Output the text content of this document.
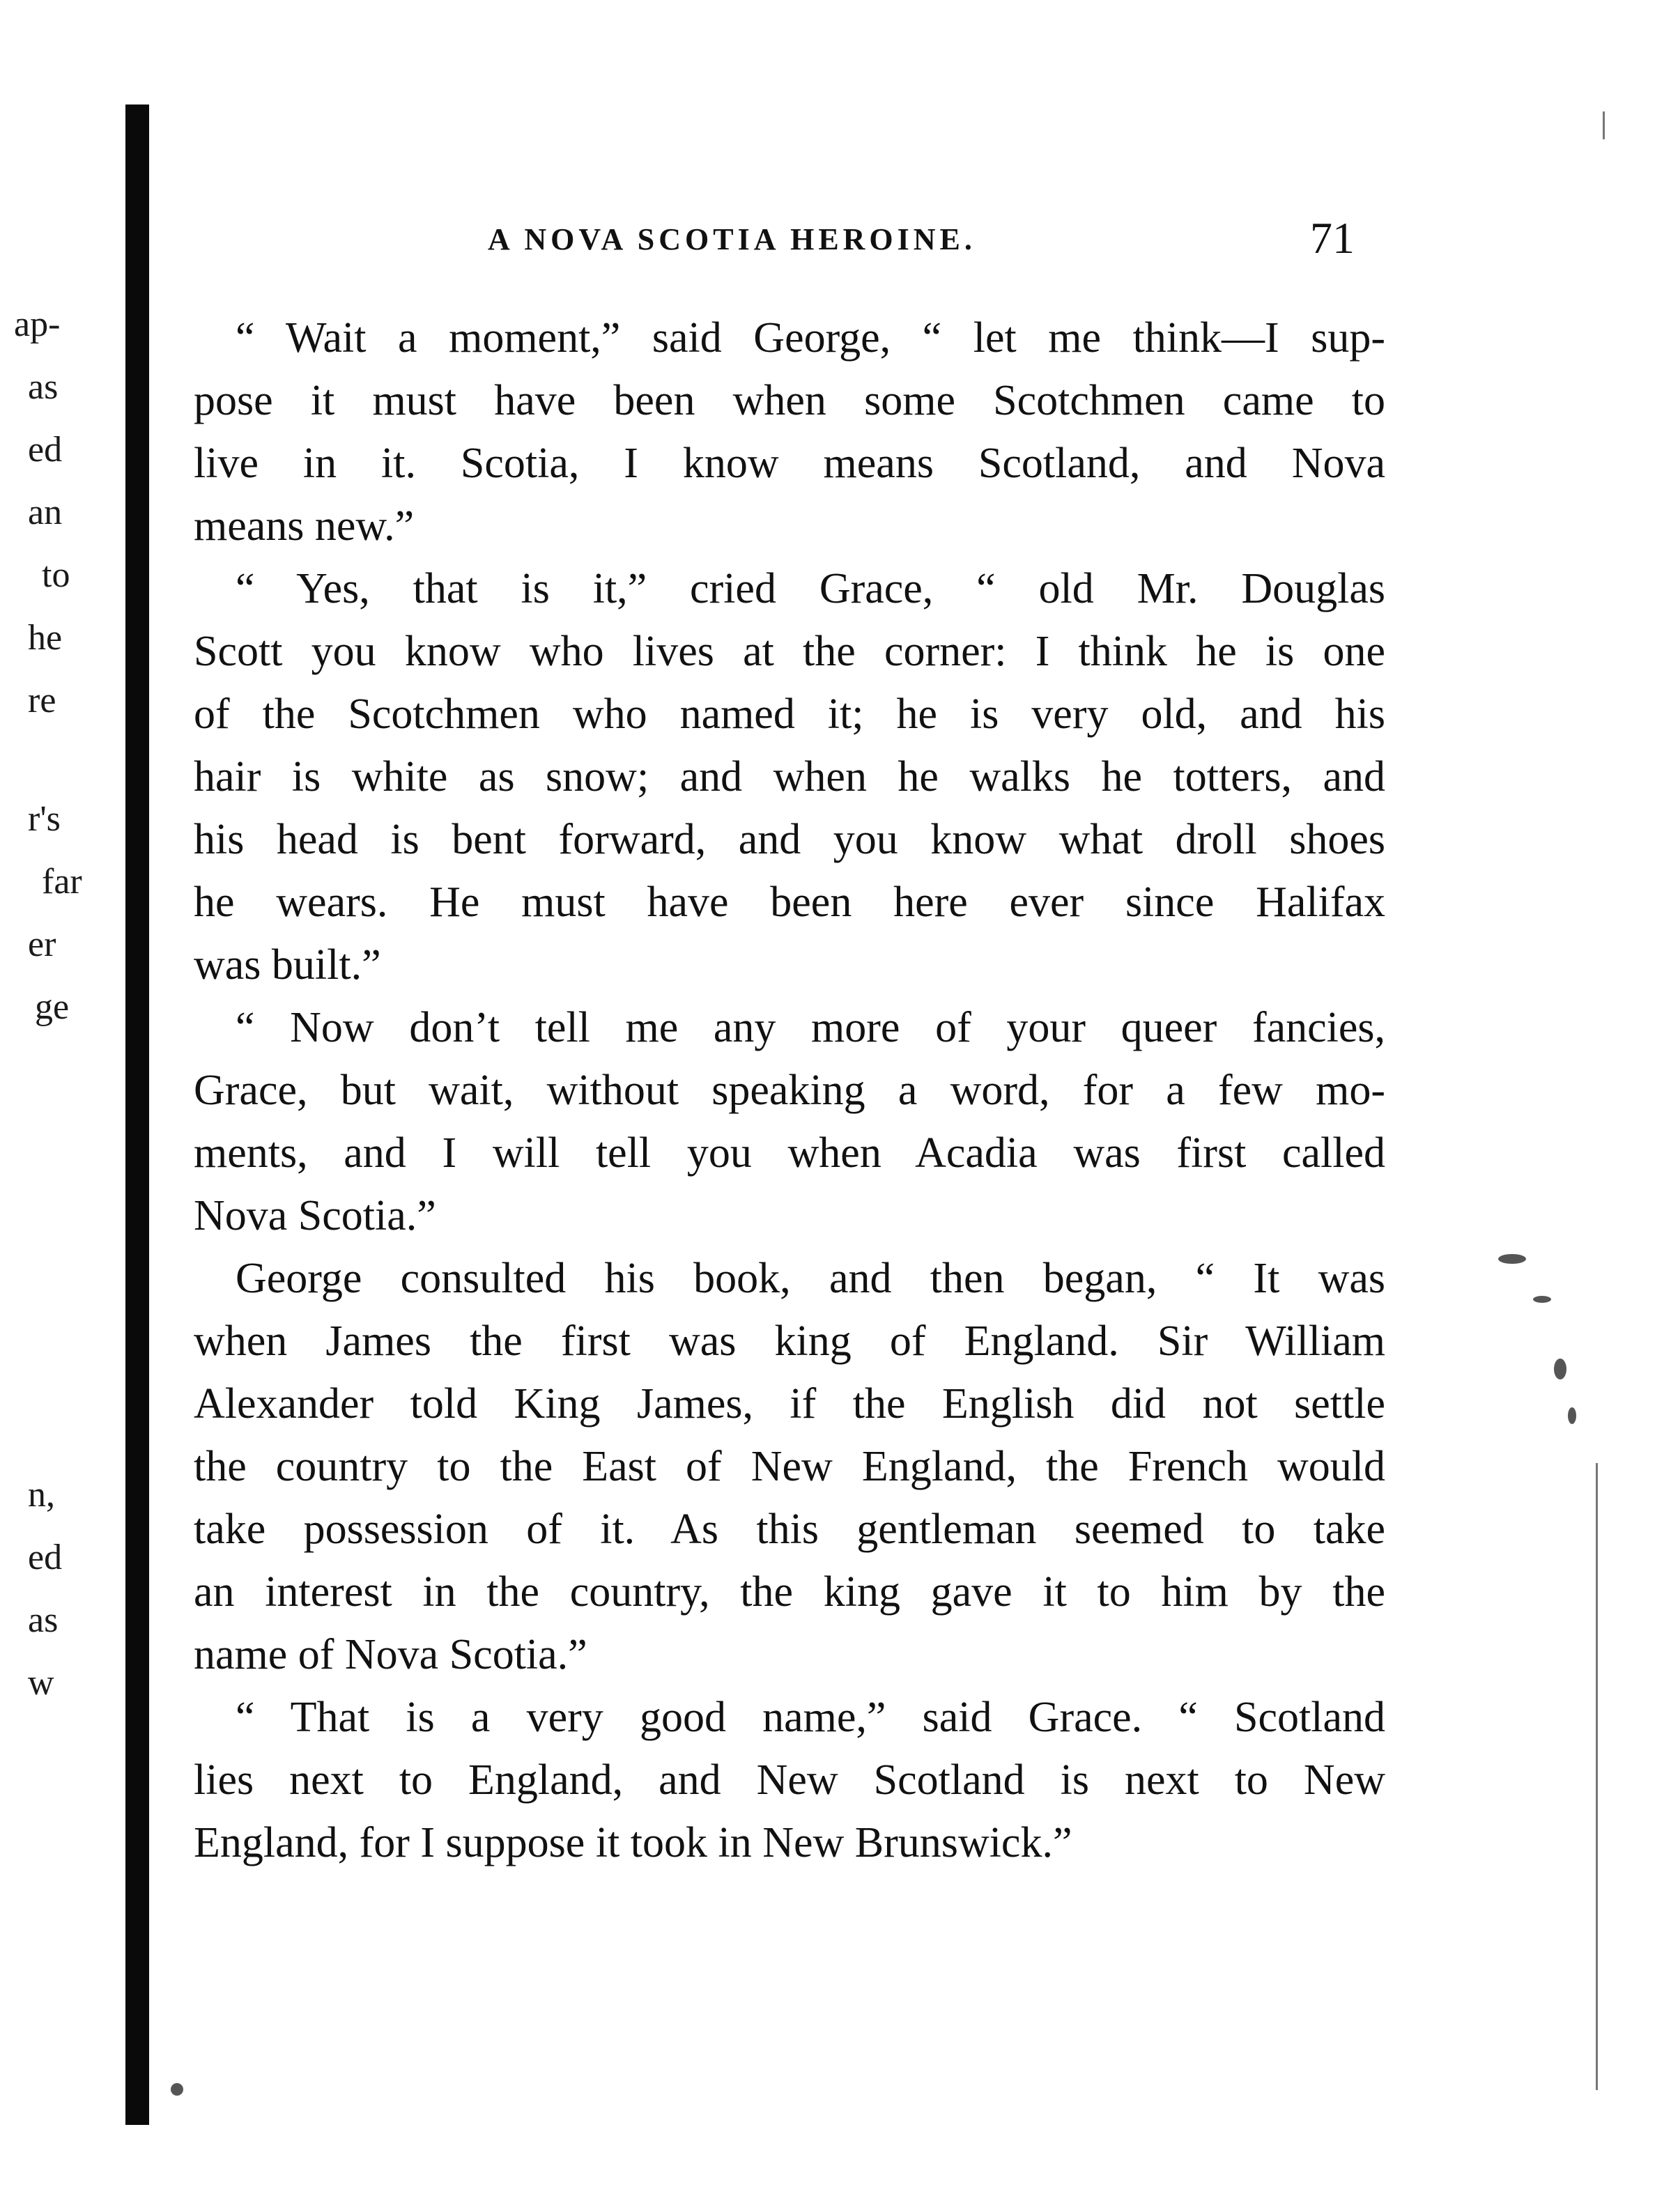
ap-
as
ed
an
to
he
re
r's
far
er
ge
n,
ed
as
w
A NOVA SCOTIA HEROINE.	71
“ Wait a moment,” said George, “ let me think—I sup-
pose it must have been when some Scotchmen came to
live in it. Scotia, I know means Scotland, and Nova
means new.”
“ Yes, that is it,” cried Grace, “ old Mr. Douglas
Scott you know who lives at the corner: I think he is one
of the Scotchmen who named it; he is very old, and his
hair is white as snow; and when he walks he totters, and
his head is bent forward, and you know what droll shoes
he wears. He must have been here ever since Halifax
was built.”
“ Now don’t tell me any more of your queer fancies,
Grace, but wait, without speaking a word, for a few mo-
ments, and I will tell you when Acadia was first called
Nova Scotia.”
George consulted his book, and then began, “ It was
when James the first was king of England. Sir William
Alexander told King James, if the English did not settle
the country to the East of New England, the French would
take possession of it. As this gentleman seemed to take
an interest in the country, the king gave it to him by the
name of Nova Scotia.”
“ That is a very good name,” said Grace. “ Scotland
lies next to England, and New Scotland is next to New
England, for I suppose it took in New Brunswick.”
